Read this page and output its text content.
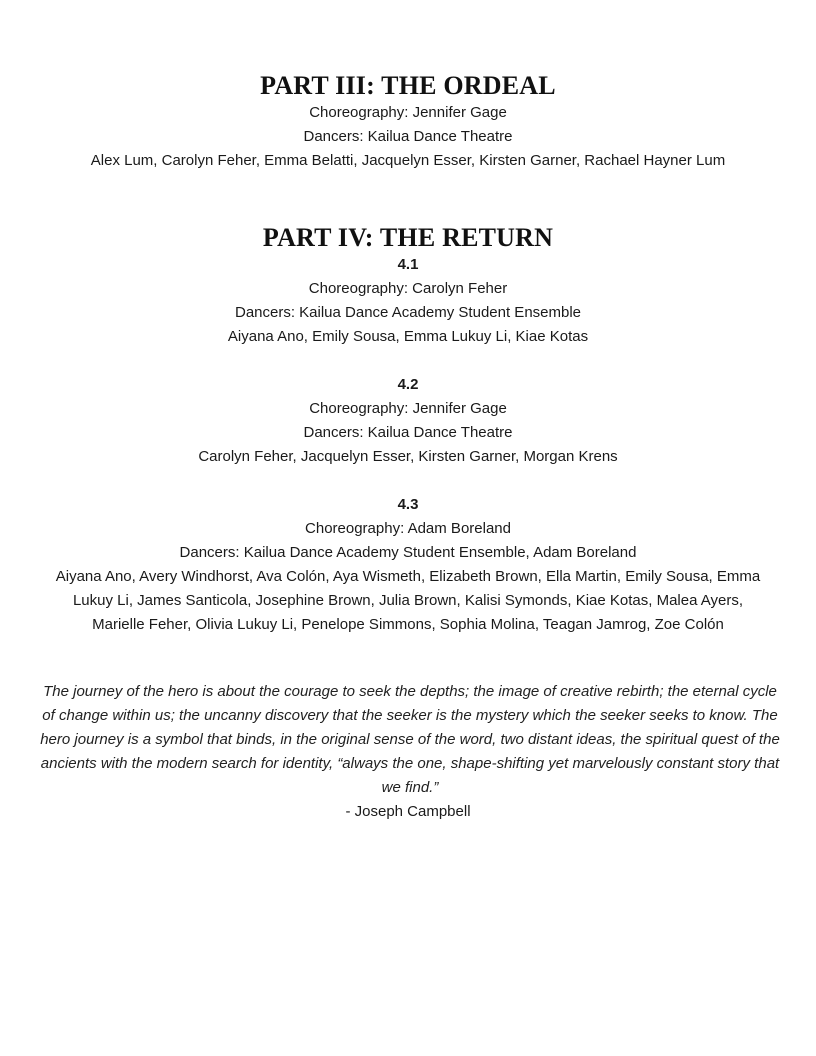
PART III: THE ORDEAL

Choreography: Jennifer Gage

Dancers: Kailua Dance Theatre

Alex Lum, Carolyn Feher, Emma Belatti, Jacquelyn Esser, Kirsten Garner, Rachael Hayner Lum

PART IV: THE RETURN

4.1

Choreography: Carolyn Feher

Dancers: Kailua Dance Academy Student Ensemble

Aiyana Ano, Emily Sousa, Emma Lukuy Li, Kiae Kotas

4.2

Choreography: Jennifer Gage

Dancers: Kailua Dance Theatre

Carolyn Feher, Jacquelyn Esser, Kirsten Garner, Morgan Krens

4.3

Choreography: Adam Boreland

Dancers: Kailua Dance Academy Student Ensemble, Adam Boreland

Aiyana Ano, Avery Windhorst, Ava Colón, Aya Wismeth, Elizabeth Brown, Ella Martin, Emily Sousa, Emma Lukuy Li, James Santicola, Josephine Brown, Julia Brown, Kalisi Symonds, Kiae Kotas, Malea Ayers, Marielle Feher, Olivia Lukuy Li, Penelope Simmons, Sophia Molina, Teagan Jamrog, Zoe Colón

The journey of the hero is about the courage to seek the depths; the image of creative rebirth; the eternal cycle of change within us; the uncanny discovery that the seeker is the mystery which the seeker seeks to know. The hero journey is a symbol that binds, in the original sense of the word, two distant ideas, the spiritual quest of the ancients with the modern search for identity, “always the one, shape-shifting yet marvelously constant story that we find.”

- Joseph Campbell
